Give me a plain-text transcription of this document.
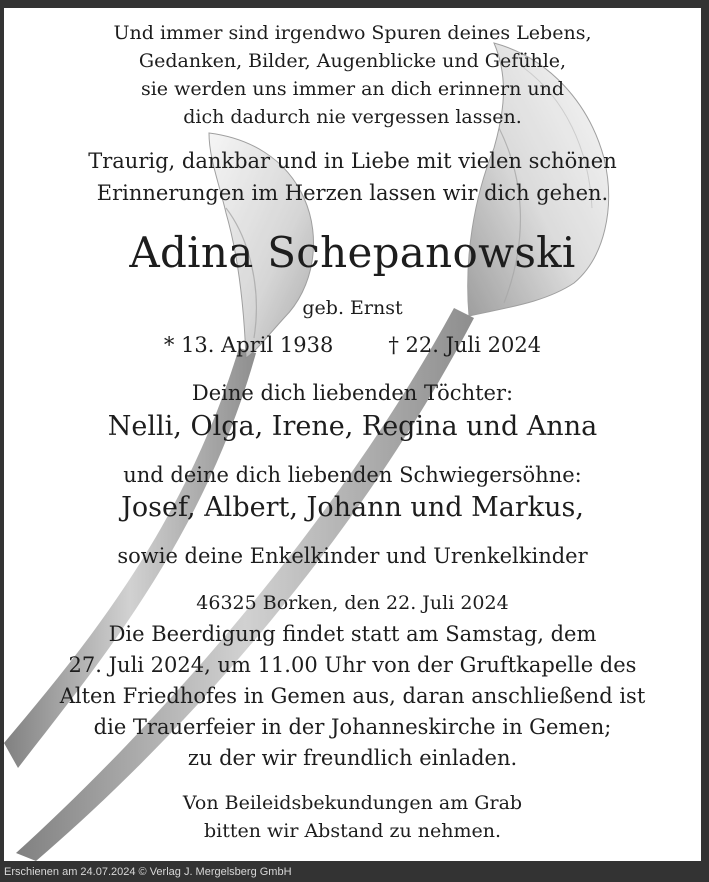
Und immer sind irgendwo Spuren deines Lebens,
Gedanken, Bilder, Augenblicke und Gefühle,
sie werden uns immer an dich erinnern und
dich dadurch nie vergessen lassen.
Traurig, dankbar und in Liebe mit vielen schönen
Erinnerungen im Herzen lassen wir dich gehen.
Adina Schepanowski
geb. Ernst
* 13. April 1938	† 22. Juli 2024
Deine dich liebenden Töchter:
Nelli, Olga, Irene, Regina und Anna
und deine dich liebenden Schwiegersöhne:
Josef, Albert, Johann und Markus,
sowie deine Enkelkinder und Urenkelkinder
46325 Borken, den 22. Juli 2024
Die Beerdigung findet statt am Samstag, dem
27. Juli 2024, um 11.00 Uhr von der Gruftkapelle des
Alten Friedhofes in Gemen aus, daran anschließend ist
die Trauerfeier in der Johanneskirche in Gemen;
zu der wir freundlich einladen.
Von Beileidsbekundungen am Grab
bitten wir Abstand zu nehmen.
Erschienen am 24.07.2024 © Verlag J. Mergelsberg GmbH
